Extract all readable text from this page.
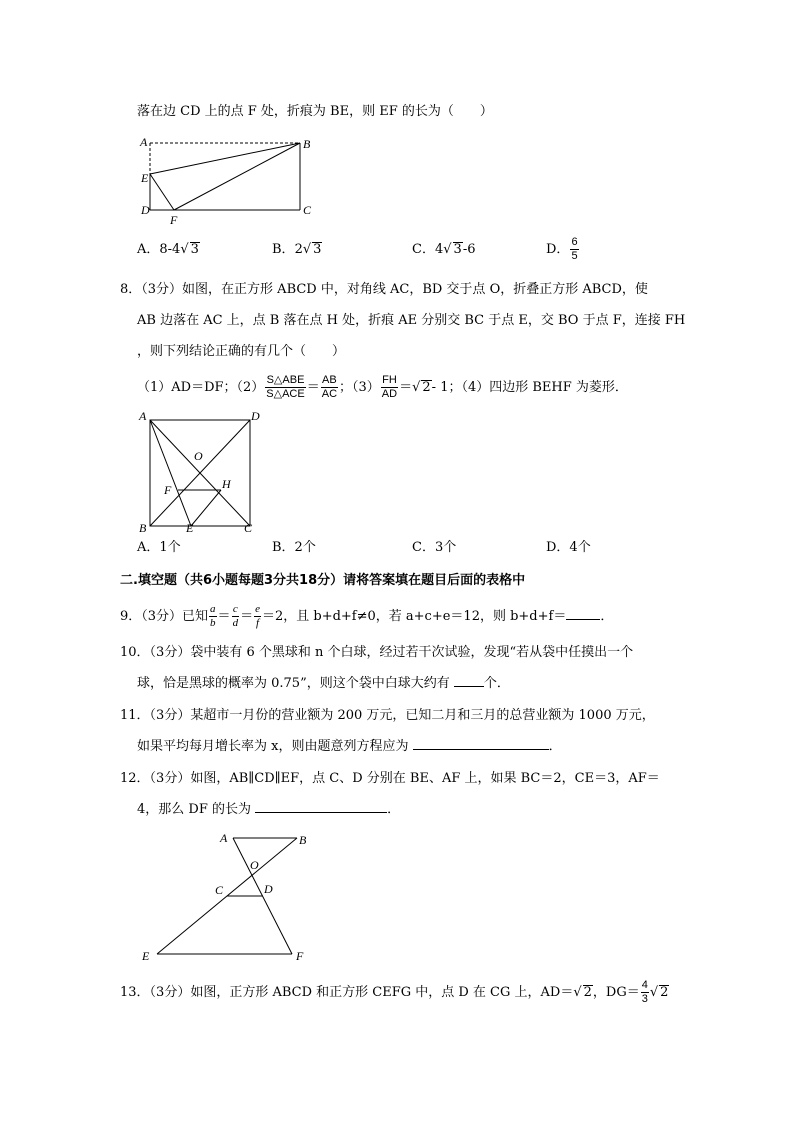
落在边 CD 上的点 F 处，折痕为 BE，则 EF 的长为（　　）
A	B
E
D
F
C
A．8-4√ 3	B．2√ 3	C．4√ 3-6	D． $\frac{6}{5}$
8．（3分）如图，在正方形 ABCD 中，对角线 AC，BD 交于点 O，折叠正方形 ABCD，使
AB 边落在 AC 上，点 B 落在点 H 处，折痕 AE 分别交 BC 于点 E，交 BO 于点 F，连接 FH
，则下列结论正确的有几个（　　）
（1）AD＝DF；$(2) \frac{\text{S△ABE}}{\text{S△ACE}} = \frac{AB}{AC}$ ；$(3) \frac{FH}{AD}$ ＝√ 2- 1；（4）四边形 BEHF 为菱形．
A	D
O
F	H
B	E	C
A．1个	B．2个	C．3个	D．4个
二.填空题（共6小题每题3分共18分）请将答案填在题目后面的表格中
9．（3分）已知 $\frac{a}{b} = \frac{c}{d} = \frac{e}{f} =2$，且 b+d+f≠0，若 a+c+e＝12，则 b+d+f＝	．
10．（3分）袋中装有 6 个黑球和 n 个白球，经过若干次试验，发现“若从袋中任摸出一个
球，恰是黑球的概率为 0.75”，则这个袋中白球大约有	个．
11．（3分）某超市一月份的营业额为 200 万元，已知二月和三月的总营业额为 1000 万元，
如果平均每月增长率为 x，则由题意列方程应为	．
12．（3分）如图，AB∥CD∥EF，点 C、D 分别在 BE、AF 上，如果 BC＝2，CE＝3，AF＝
4，那么 DF 的长为	．
A	B
O
C	D
E	F
13．（3分）如图，正方形 ABCD 和正方形 CEFG 中，点 D 在 CG 上，AD＝√ 2，$DG= \frac{4}{3}$ √ 2
